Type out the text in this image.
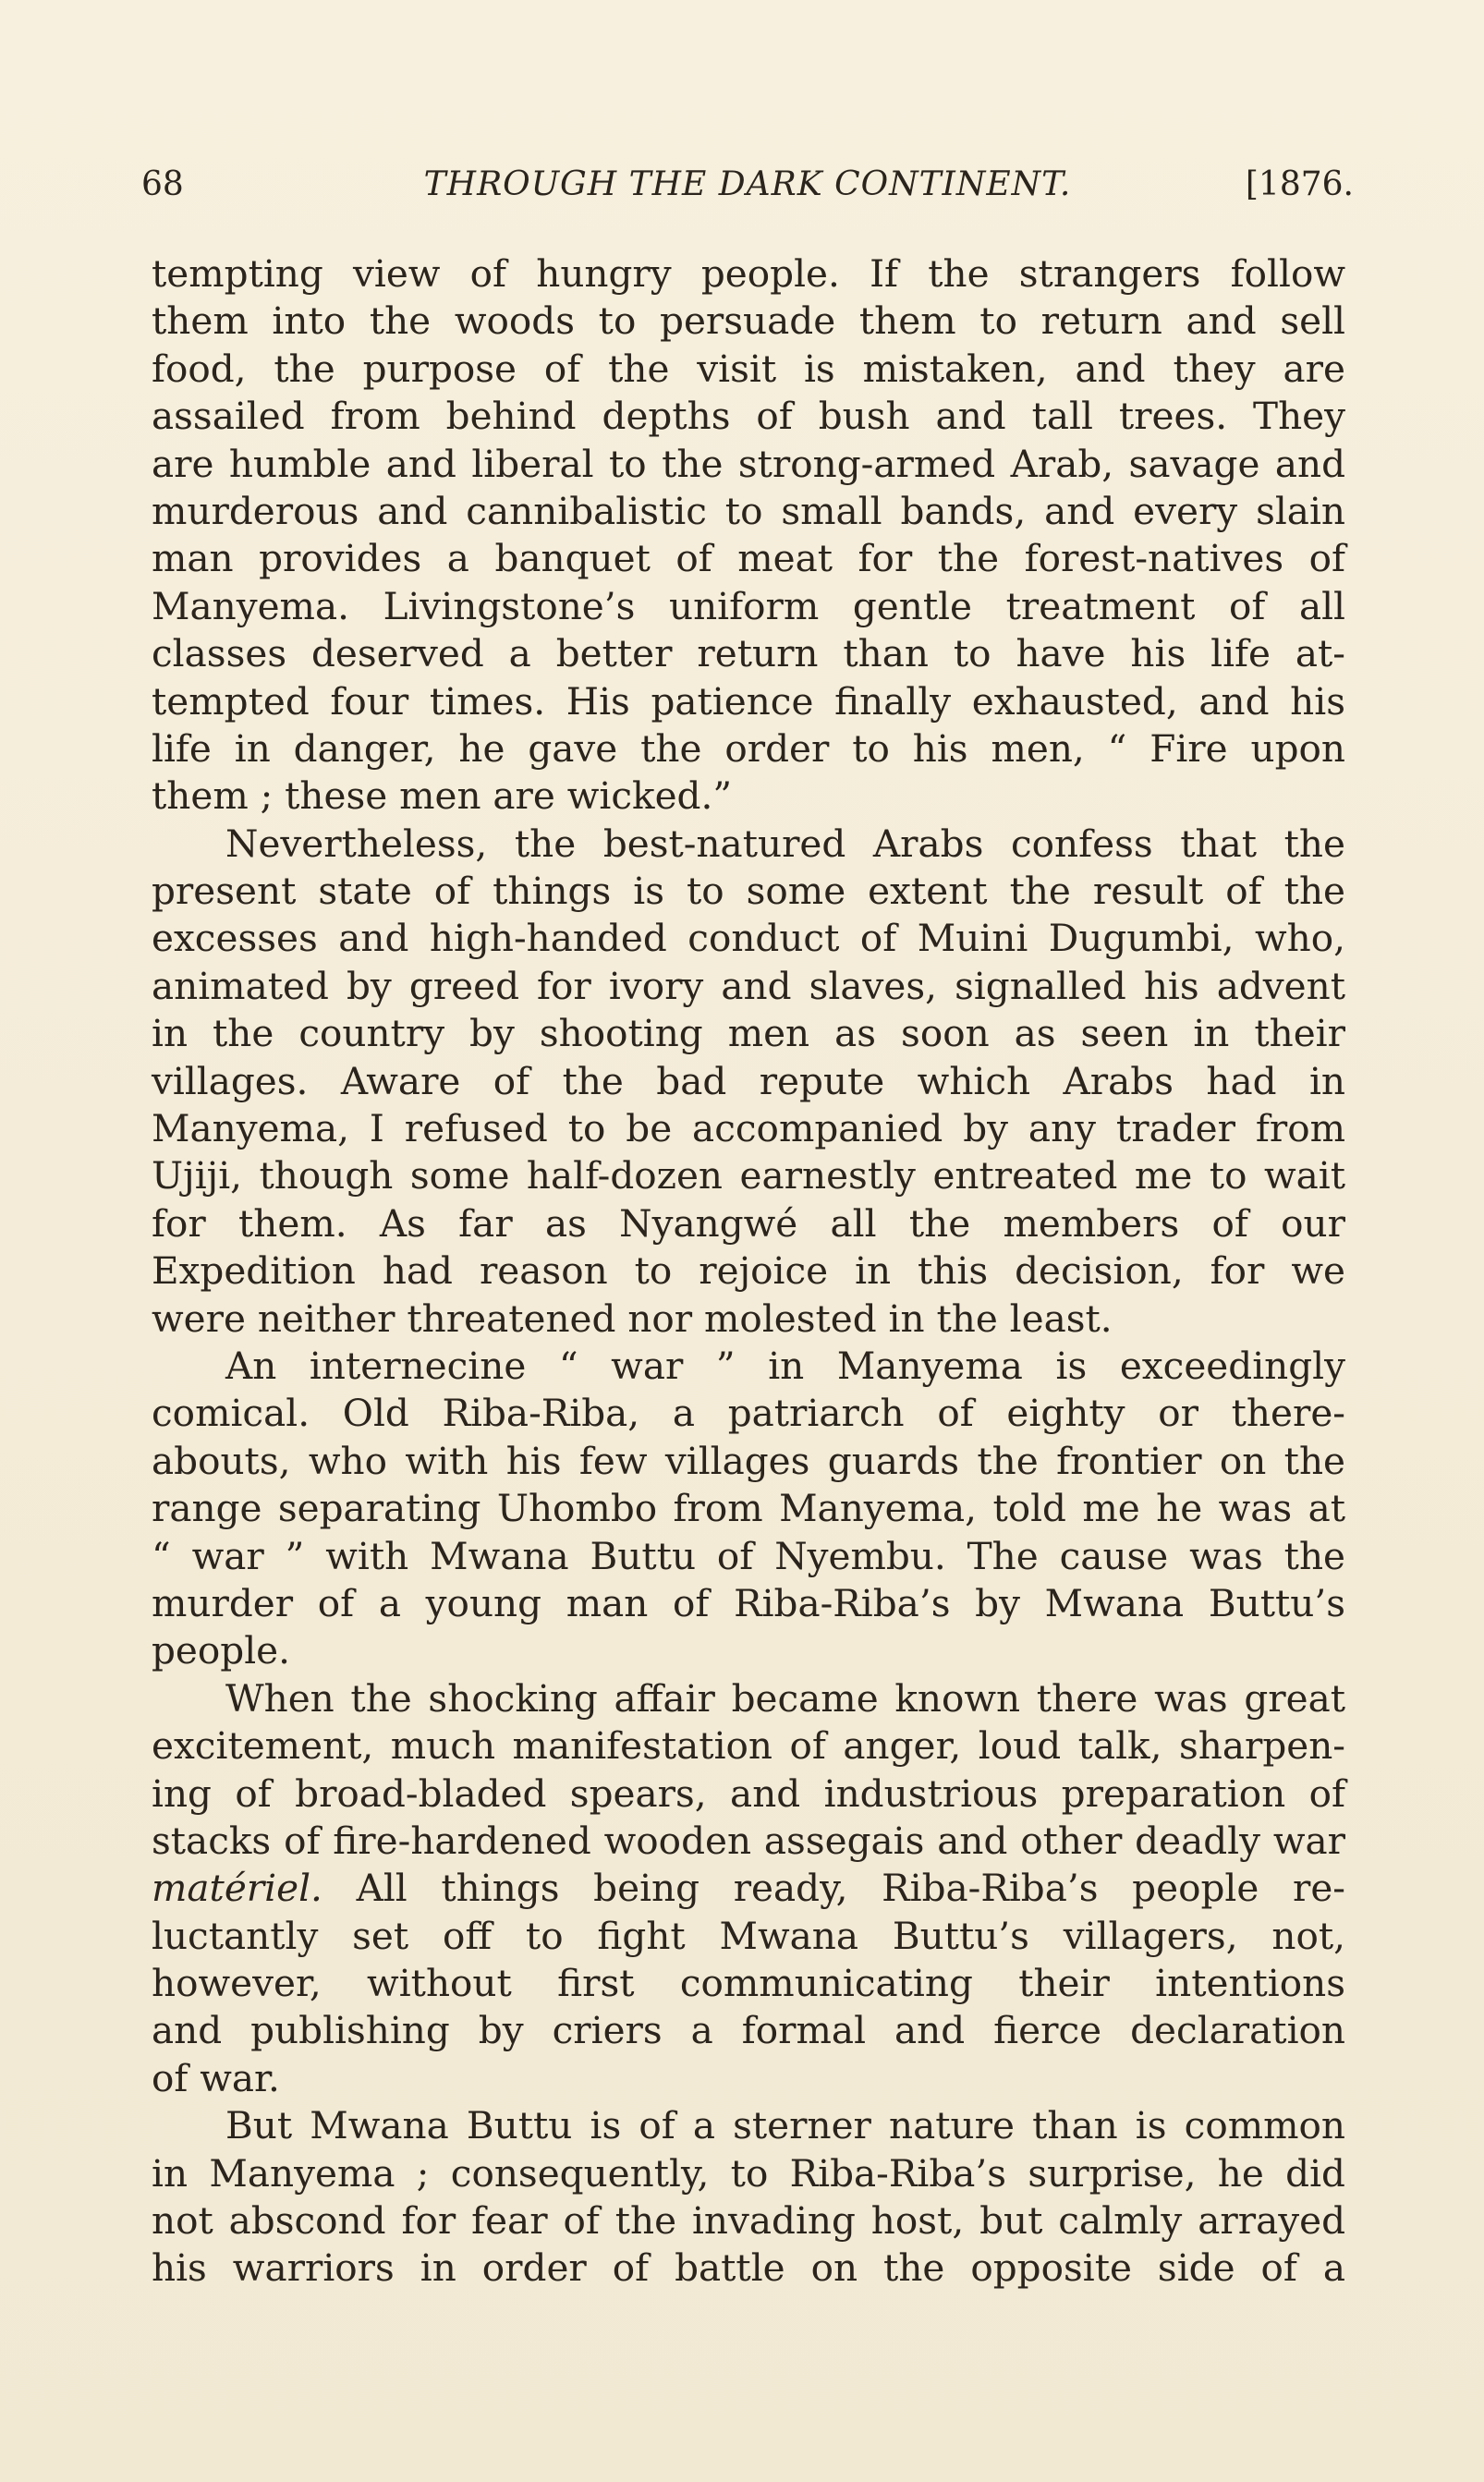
68	THROUGH THE DARK CONTINENT.	[1876.
tempting view of hungry people. If the strangers follow
them into the woods to persuade them to return and sell
food, the purpose of the visit is mistaken, and they are
assailed from behind depths of bush and tall trees. They
are humble and liberal to the strong-armed Arab, savage and
murderous and cannibalistic to small bands, and every slain
man provides a banquet of meat for the forest-natives of
Manyema. Livingstone’s uniform gentle treatment of all
classes deserved a better return than to have his life at-
tempted four times. His patience finally exhausted, and his
life in danger, he gave the order to his men, “ Fire upon
them ; these men are wicked.”
Nevertheless, the best-natured Arabs confess that the
present state of things is to some extent the result of the
excesses and high-handed conduct of Muini Dugumbi, who,
animated by greed for ivory and slaves, signalled his advent
in the country by shooting men as soon as seen in their
villages. Aware of the bad repute which Arabs had in
Manyema, I refused to be accompanied by any trader from
Ujiji, though some half-dozen earnestly entreated me to wait
for them. As far as Nyangwé all the members of our
Expedition had reason to rejoice in this decision, for we
were neither threatened nor molested in the least.
An internecine “ war ” in Manyema is exceedingly
comical. Old Riba-Riba, a patriarch of eighty or there-
abouts, who with his few villages guards the frontier on the
range separating Uhombo from Manyema, told me he was at
“ war ” with Mwana Buttu of Nyembu. The cause was the
murder of a young man of Riba-Riba’s by Mwana Buttu’s
people.
When the shocking affair became known there was great
excitement, much manifestation of anger, loud talk, sharpen-
ing of broad-bladed spears, and industrious preparation of
stacks of fire-hardened wooden assegais and other deadly war
matériel. All things being ready, Riba-Riba’s people re-
luctantly set off to fight Mwana Buttu’s villagers, not,
however, without first communicating their intentions
and publishing by criers a formal and fierce declaration
of war.
But Mwana Buttu is of a sterner nature than is common
in Manyema ; consequently, to Riba-Riba’s surprise, he did
not abscond for fear of the invading host, but calmly arrayed
his warriors in order of battle on the opposite side of a
